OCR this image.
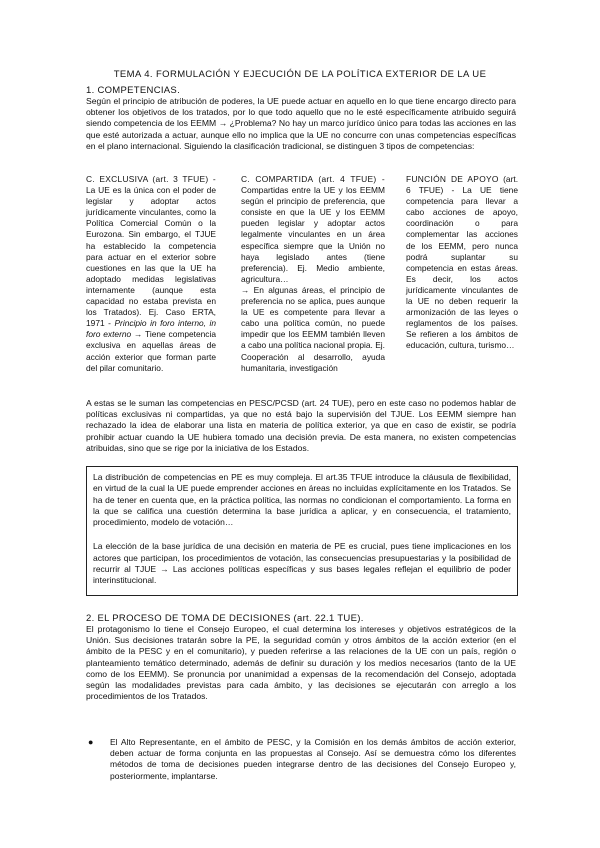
TEMA 4. FORMULACIÓN Y EJECUCIÓN DE LA POLÍTICA EXTERIOR DE LA UE
1. COMPETENCIAS.
Según el principio de atribución de poderes, la UE puede actuar en aquello en lo que tiene encargo directo para obtener los objetivos de los tratados, por lo que todo aquello que no le esté específicamente atribuido seguirá siendo competencia de los EEMM → ¿Problema? No hay un marco jurídico único para todas las acciones en las que esté autorizada a actuar, aunque ello no implica que la UE no concurre con unas competencias específicas en el plano internacional. Siguiendo la clasificación tradicional, se distinguen 3 tipos de competencias:
C. EXCLUSIVA (art. 3 TFUE) - La UE es la única con el poder de legislar y adoptar actos jurídicamente vinculantes, como la Política Comercial Común o la Eurozona. Sin embargo, el TJUE ha establecido la competencia para actuar en el exterior sobre cuestiones en las que la UE ha adoptado medidas legislativas internamente (aunque esta capacidad no estaba prevista en los Tratados). Ej. Caso ERTA, 1971 - Principio in foro interno, in foro externo → Tiene competencia exclusiva en aquellas áreas de acción exterior que forman parte del pilar comunitario.
C. COMPARTIDA (art. 4 TFUE) - Compartidas entre la UE y los EEMM según el principio de preferencia, que consiste en que la UE y los EEMM pueden legislar y adoptar actos legalmente vinculantes en un área específica siempre que la Unión no haya legislado antes (tiene preferencia). Ej. Medio ambiente, agricultura…
→ En algunas áreas, el principio de preferencia no se aplica, pues aunque la UE es competente para llevar a cabo una política común, no puede impedir que los EEMM también lleven a cabo una política nacional propia. Ej. Cooperación al desarrollo, ayuda humanitaria, investigación
FUNCIÓN DE APOYO (art. 6 TFUE) - La UE tiene competencia para llevar a cabo acciones de apoyo, coordinación o para complementar las acciones de los EEMM, pero nunca podrá suplantar su competencia en estas áreas. Es decir, los actos jurídicamente vinculantes de la UE no deben requerir la armonización de las leyes o reglamentos de los países. Se refieren a los ámbitos de educación, cultura, turismo…
A estas se le suman las competencias en PESC/PCSD (art. 24 TUE), pero en este caso no podemos hablar de políticas exclusivas ni compartidas, ya que no está bajo la supervisión del TJUE. Los EEMM siempre han rechazado la idea de elaborar una lista en materia de política exterior, ya que en caso de existir, se podría prohibir actuar cuando la UE hubiera tomado una decisión previa. De esta manera, no existen competencias atribuidas, sino que se rige por la iniciativa de los Estados.

La distribución de competencias en PE es muy compleja. El art.35 TFUE introduce la cláusula de flexibilidad, en virtud de la cual la UE puede emprender acciones en áreas no incluidas explícitamente en los Tratados. Se ha de tener en cuenta que, en la práctica política, las normas no condicionan el comportamiento. La forma en la que se califica una cuestión determina la base jurídica a aplicar, y en consecuencia, el tratamiento, procedimiento, modelo de votación…

La elección de la base jurídica de una decisión en materia de PE es crucial, pues tiene implicaciones en los actores que participan, los procedimientos de votación, las consecuencias presupuestarias y la posibilidad de recurrir al TJUE → Las acciones políticas específicas y sus bases legales reflejan el equilibrio de poder interinstitucional.

2. EL PROCESO DE TOMA DE DECISIONES (art. 22.1 TUE).
El protagonismo lo tiene el Consejo Europeo, el cual determina los intereses y objetivos estratégicos de la Unión. Sus decisiones tratarán sobre la PE, la seguridad común y otros ámbitos de la acción exterior (en el ámbito de la PESC y en el comunitario), y pueden referirse a las relaciones de la UE con un país, región o planteamiento temático determinado, además de definir su duración y los medios necesarios (tanto de la UE como de los EEMM). Se pronuncia por unanimidad a expensas de la recomendación del Consejo, adoptada según las modalidades previstas para cada ámbito, y las decisiones se ejecutarán con arreglo a los procedimientos de los Tratados.
●	El Alto Representante, en el ámbito de PESC, y la Comisión en los demás ámbitos de acción exterior, deben actuar de forma conjunta en las propuestas al Consejo. Así se demuestra cómo los diferentes métodos de toma de decisiones pueden integrarse dentro de las decisiones del Consejo Europeo y, posteriormente, implantarse.
